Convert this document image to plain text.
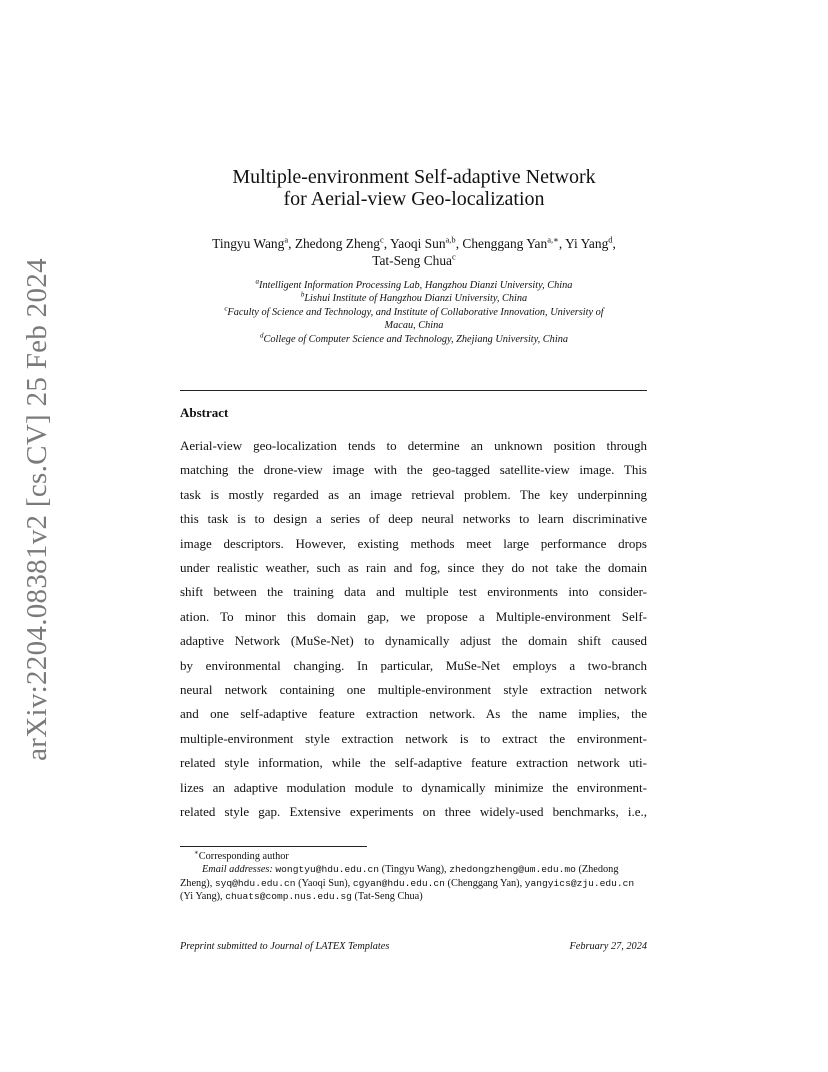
arXiv:2204.08381v2 [cs.CV] 25 Feb 2024
Multiple-environment Self-adaptive Network
for Aerial-view Geo-localization
Tingyu Wang$^a$, Zhedong Zheng$^c$, Yaoqi Sun$^{a,b}$, Chenggang Yan$^{a,∗}$, Yi Yang$^d$,
Tat-Seng Chua$^c$
$^a$Intelligent Information Processing Lab, Hangzhou Dianzi University, China
$^b$Lishui Institute of Hangzhou Dianzi University, China
$^c$Faculty of Science and Technology, and Institute of Collaborative Innovation, University of
Macau, China
$^d$College of Computer Science and Technology, Zhejiang University, China
Abstract
Aerial-view geo-localization tends to determine an unknown position through
matching the drone-view image with the geo-tagged satellite-view image. This
task is mostly regarded as an image retrieval problem. The key underpinning
this task is to design a series of deep neural networks to learn discriminative
image descriptors. However, existing methods meet large performance drops
under realistic weather, such as rain and fog, since they do not take the domain
shift between the training data and multiple test environments into consider-
ation. To minor this domain gap, we propose a Multiple-environment Self-
adaptive Network (MuSe-Net) to dynamically adjust the domain shift caused
by environmental changing. In particular, MuSe-Net employs a two-branch
neural network containing one multiple-environment style extraction network
and one self-adaptive feature extraction network. As the name implies, the
multiple-environment style extraction network is to extract the environment-
related style information, while the self-adaptive feature extraction network uti-
lizes an adaptive modulation module to dynamically minimize the environment-
related style gap. Extensive experiments on three widely-used benchmarks, i.e.,
∗Corresponding author
Email addresses: wongtyu@hdu.edu.cn (Tingyu Wang), zhedongzheng@um.edu.mo (Zhedong Zheng), syq@hdu.edu.cn (Yaoqi Sun), cgyan@hdu.edu.cn (Chenggang Yan), yangyics@zju.edu.cn (Yi Yang), chuats@comp.nus.edu.sg (Tat-Seng Chua)
Preprint submitted to Journal of LATEX Templates	February 27, 2024
